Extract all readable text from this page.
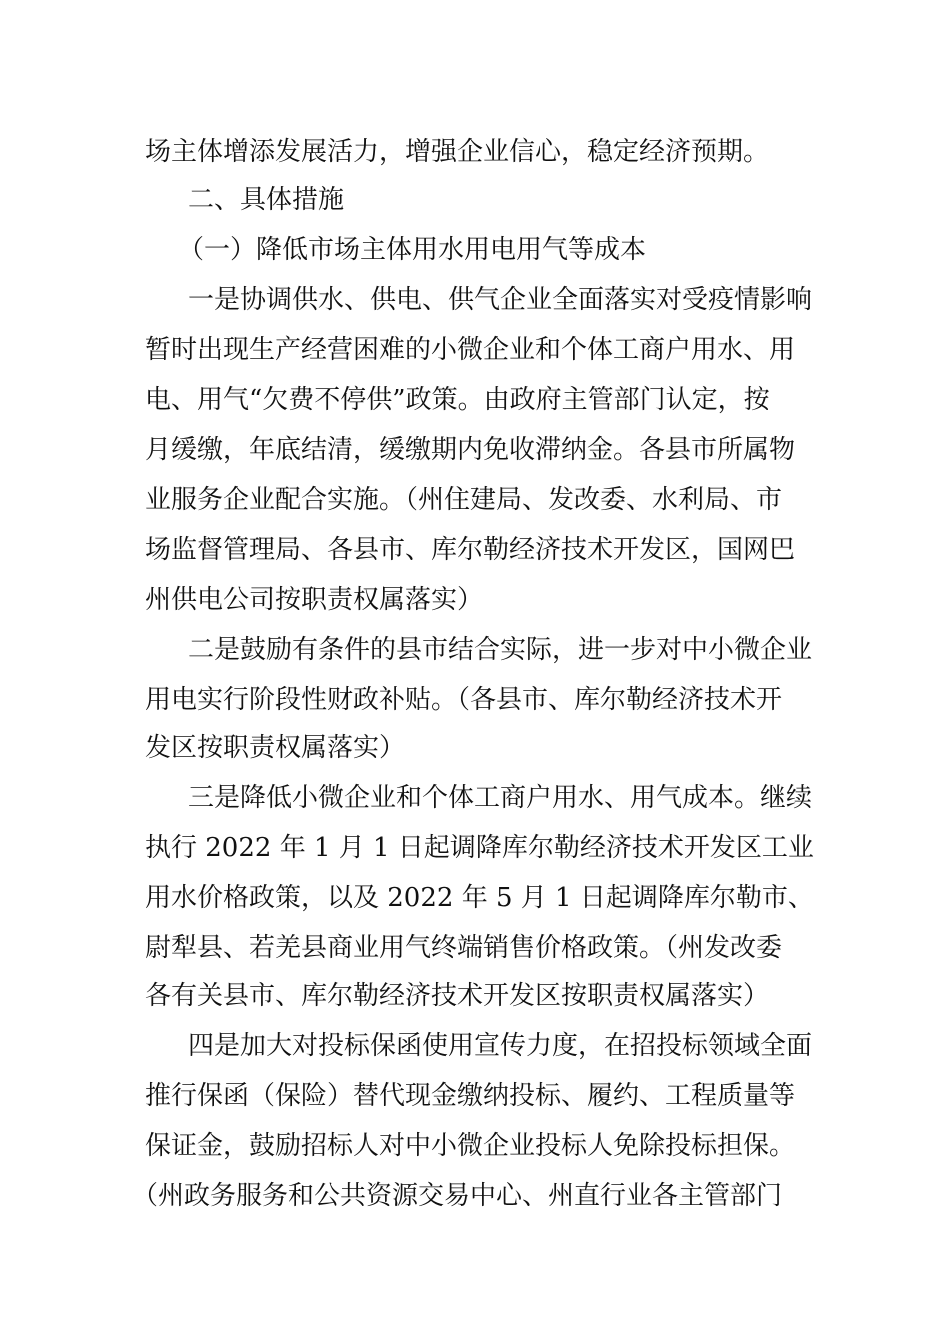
场主体增添发展活力，增强企业信心，稳定经济预期。
二、具体措施
（一）降低市场主体用水用电用气等成本
一是协调供水、供电、供气企业全面落实对受疫情影响
暂时出现生产经营困难的小微企业和个体工商户用水、用
电、用气“欠费不停供”政策。由政府主管部门认定，按
月缓缴，年底结清，缓缴期内免收滞纳金。各县市所属物
业服务企业配合实施。（州住建局、发改委、水利局、市
场监督管理局、各县市、库尔勒经济技术开发区，国网巴
州供电公司按职责权属落实）
二是鼓励有条件的县市结合实际，进一步对中小微企业
用电实行阶段性财政补贴。（各县市、库尔勒经济技术开
发区按职责权属落实）
三是降低小微企业和个体工商户用水、用气成本。继续
执行 2022 年 1 月 1 日起调降库尔勒经济技术开发区工业
用水价格政策，以及 2022 年 5 月 1 日起调降库尔勒市、
尉犁县、若羌县商业用气终端销售价格政策。（州发改委
各有关县市、库尔勒经济技术开发区按职责权属落实）
四是加大对投标保函使用宣传力度，在招投标领域全面
推行保函（保险）替代现金缴纳投标、履约、工程质量等
保证金，鼓励招标人对中小微企业投标人免除投标担保。
（州政务服务和公共资源交易中心、州直行业各主管部门
